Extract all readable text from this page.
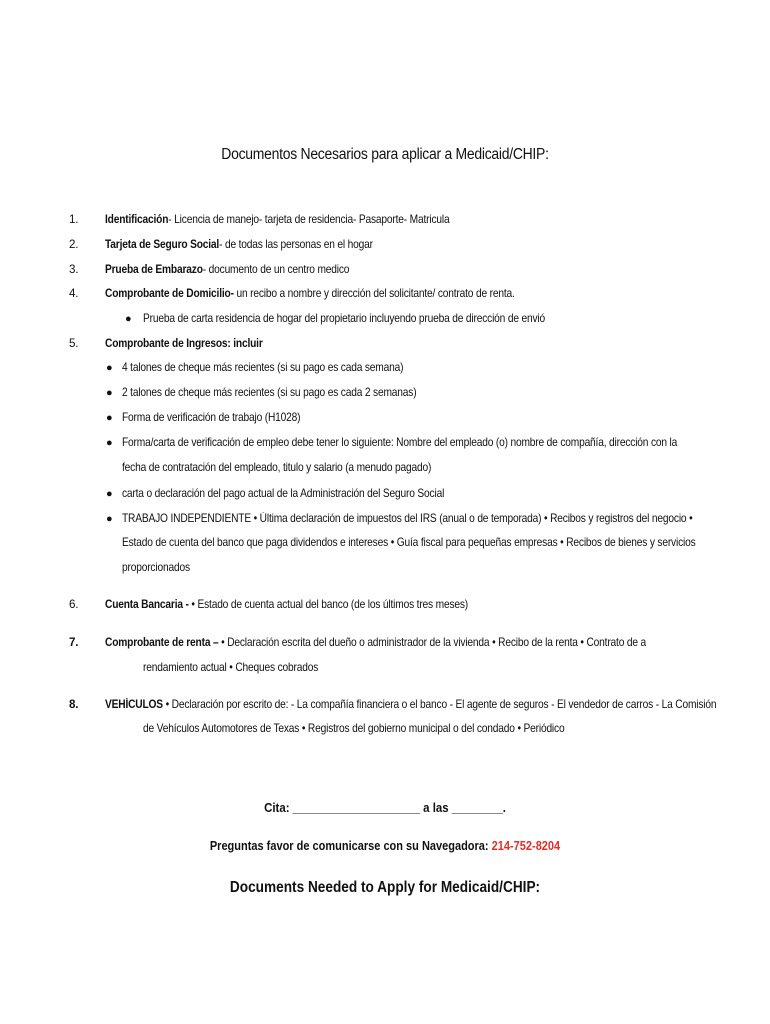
Documentos Necesarios para aplicar a Medicaid/CHIP:
1. Identificación- Licencia de manejo- tarjeta de residencia- Pasaporte- Matricula
2. Tarjeta de Seguro Social- de todas las personas en el hogar
3. Prueba de Embarazo- documento de un centro medico
4. Comprobante de Domicilio- un recibo a nombre y dirección del solicitante/ contrato de renta.
● Prueba de carta residencia de hogar del propietario incluyendo prueba de dirección de envió
5. Comprobante de Ingresos: incluir
● 4 talones de cheque más recientes (si su pago es cada semana)
● 2 talones de cheque más recientes (si su pago es cada 2 semanas)
● Forma de verificación de trabajo (H1028)
● Forma/carta de verificación de empleo debe tener lo siguiente: Nombre del empleado (o) nombre de compañía, dirección con la
fecha de contratación del empleado, titulo y salario (a menudo pagado)
● carta o declaración del pago actual de la Administración del Seguro Social
● TRABAJO INDEPENDIENTE • Última declaración de impuestos del IRS (anual o de temporada) • Recibos y registros del negocio •
Estado de cuenta del banco que paga dividendos e intereses • Guía fiscal para pequeñas empresas • Recibos de bienes y servicios
proporcionados
6. Cuenta Bancaria - • Estado de cuenta actual del banco (de los últimos tres meses)
7. Comprobante de renta – • Declaración escrita del dueño o administrador de la vivienda • Recibo de la renta • Contrato de a
rendamiento actual • Cheques cobrados
8. VEHÍCULOS • Declaración por escrito de: - La compañía financiera o el banco - El agente de seguros - El vendedor de carros - La Comisión
de Vehículos Automotores de Texas • Registros del gobierno municipal o del condado • Periódico
Cita: ____________________ a las ________.
Preguntas favor de comunicarse con su Navegadora: 214-752-8204
Documents Needed to Apply for Medicaid/CHIP:
